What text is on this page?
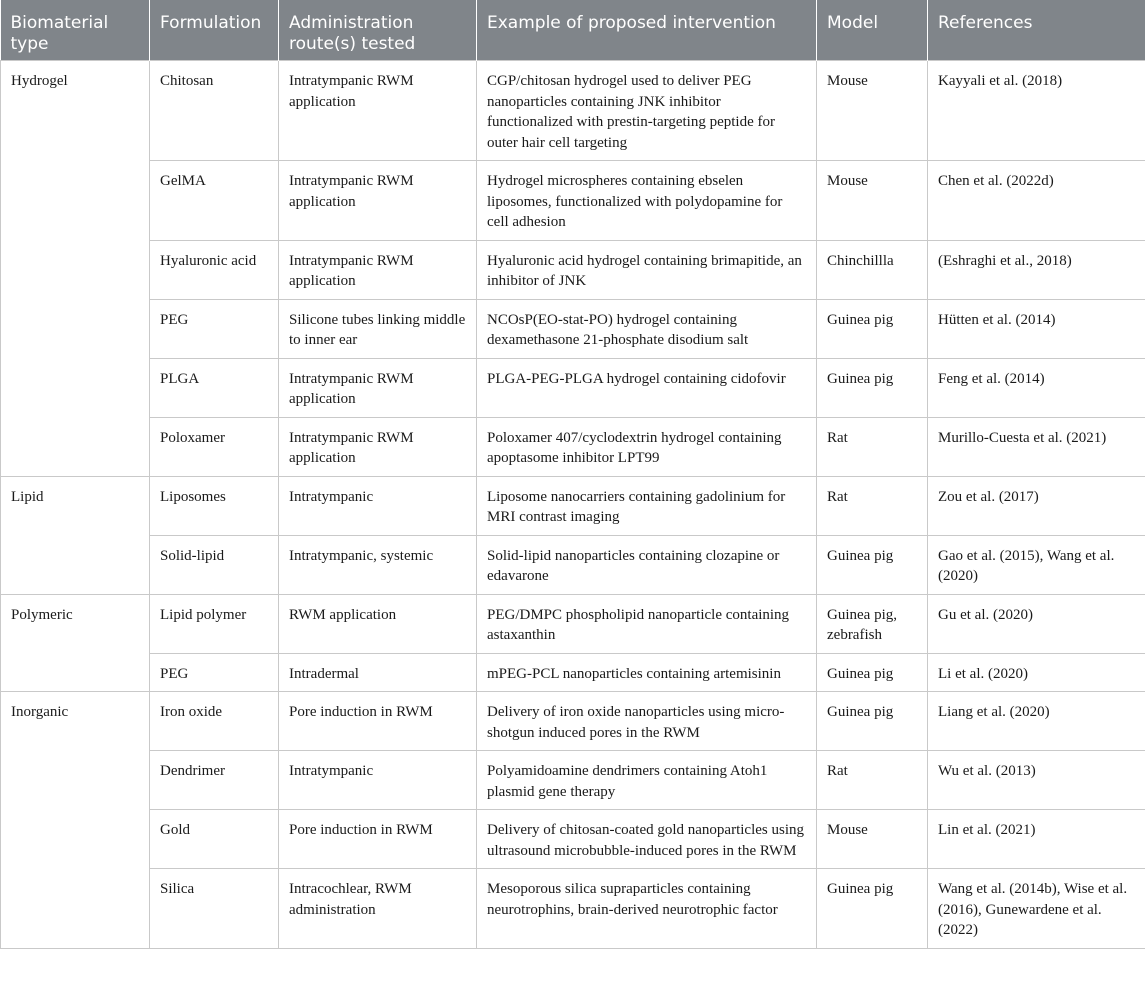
Biomaterial type	Formulation	Administration route(s) tested	Example of proposed intervention	Model	References
Hydrogel	Chitosan	Intratympanic RWM application	CGP/chitosan hydrogel used to deliver PEG nanoparticles containing JNK inhibitor functionalized with prestin-targeting peptide for outer hair cell targeting	Mouse	Kayyali et al. (2018)
	GelMA	Intratympanic RWM application	Hydrogel microspheres containing ebselen liposomes, functionalized with polydopamine for cell adhesion	Mouse	Chen et al. (2022d)
	Hyaluronic acid	Intratympanic RWM application	Hyaluronic acid hydrogel containing brimapitide, an inhibitor of JNK	Chinchillla	(Eshraghi et al., 2018)
	PEG	Silicone tubes linking middle to inner ear	NCOsP(EO-stat-PO) hydrogel containing dexamethasone 21-phosphate disodium salt	Guinea pig	Hütten et al. (2014)
	PLGA	Intratympanic RWM application	PLGA-PEG-PLGA hydrogel containing cidofovir	Guinea pig	Feng et al. (2014)
	Poloxamer	Intratympanic RWM application	Poloxamer 407/cyclodextrin hydrogel containing apoptasome inhibitor LPT99	Rat	Murillo-Cuesta et al. (2021)
Lipid	Liposomes	Intratympanic	Liposome nanocarriers containing gadolinium for MRI contrast imaging	Rat	Zou et al. (2017)
	Solid-lipid	Intratympanic, systemic	Solid-lipid nanoparticles containing clozapine or edavarone	Guinea pig	Gao et al. (2015), Wang et al. (2020)
Polymeric	Lipid polymer	RWM application	PEG/DMPC phospholipid nanoparticle containing astaxanthin	Guinea pig, zebrafish	Gu et al. (2020)
	PEG	Intradermal	mPEG-PCL nanoparticles containing artemisinin	Guinea pig	Li et al. (2020)
Inorganic	Iron oxide	Pore induction in RWM	Delivery of iron oxide nanoparticles using micro-shotgun induced pores in the RWM	Guinea pig	Liang et al. (2020)
	Dendrimer	Intratympanic	Polyamidoamine dendrimers containing Atoh1 plasmid gene therapy	Rat	Wu et al. (2013)
	Gold	Pore induction in RWM	Delivery of chitosan-coated gold nanoparticles using ultrasound microbubble-induced pores in the RWM	Mouse	Lin et al. (2021)
	Silica	Intracochlear, RWM administration	Mesoporous silica supraparticles containing neurotrophins, brain-derived neurotrophic factor	Guinea pig	Wang et al. (2014b), Wise et al. (2016), Gunewardene et al. (2022)
